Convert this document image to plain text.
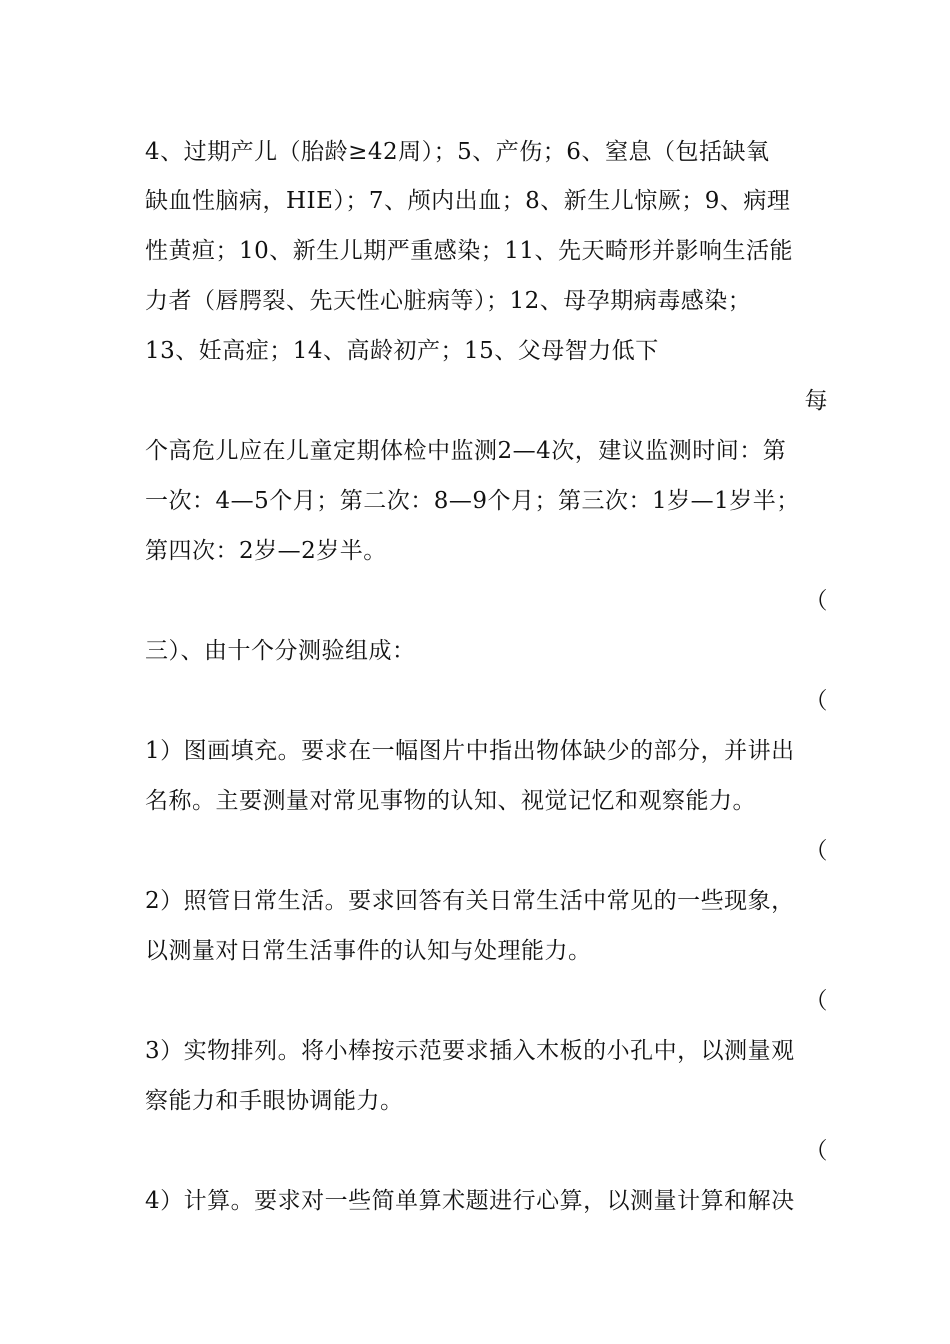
4、过期产儿（胎龄≥42周）；5、产伤；6、窒息（包括缺氧
缺血性脑病，HIE）；7、颅内出血；8、新生儿惊厥；9、病理
性黄疸；10、新生儿期严重感染；11、先天畸形并影响生活能
力者（唇腭裂、先天性心脏病等）；12、母孕期病毒感染；
13、妊高症；14、高龄初产；15、父母智力低下
每
个高危儿应在儿童定期体检中监测2—4次，建议监测时间：第
一次：4—5个月；第二次：8—9个月；第三次：1岁—1岁半；
第四次：2岁—2岁半。
（
三）、由十个分测验组成：
（
1）图画填充。要求在一幅图片中指出物体缺少的部分，并讲出
名称。主要测量对常见事物的认知、视觉记忆和观察能力。
（
2）照管日常生活。要求回答有关日常生活中常见的一些现象，
以测量对日常生活事件的认知与处理能力。
（
3）实物排列。将小棒按示范要求插入木板的小孔中，以测量观
察能力和手眼协调能力。
（
4）计算。要求对一些简单算术题进行心算，以测量计算和解决
